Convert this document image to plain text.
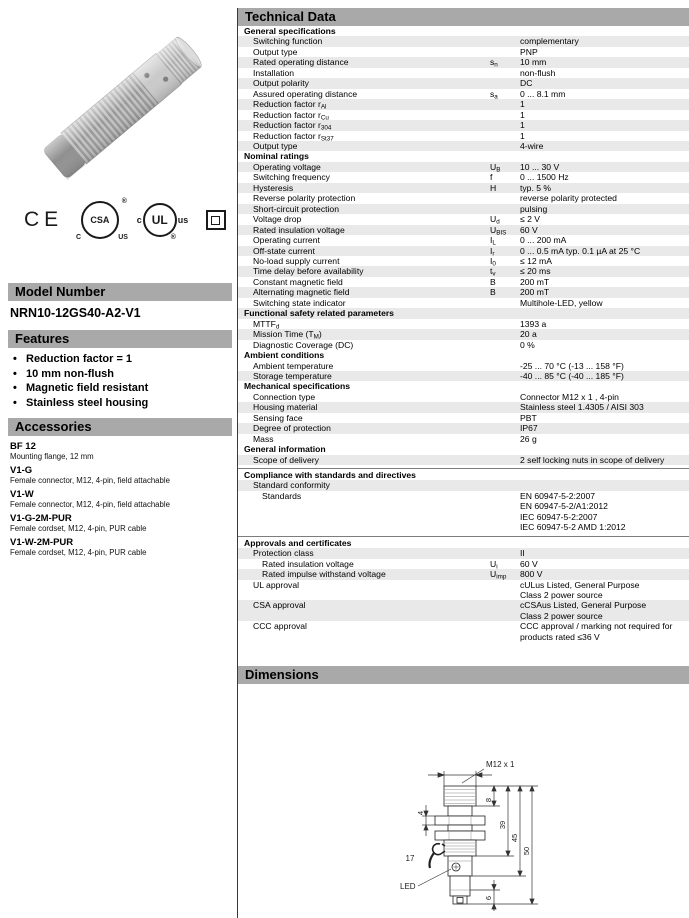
CE	CSA
C	US
®
c UL us
®
Model Number
NRN10-12GS40-A2-V1
Features
• Reduction factor = 1
• 10 mm non-flush
• Magnetic field resistant
• Stainless steel housing
Accessories
BF 12
Mounting flange, 12 mm
V1-G
Female connector, M12, 4-pin, field attachable
V1-W
Female connector, M12, 4-pin, field attachable
V1-G-2M-PUR
Female cordset, M12, 4-pin, PUR cable
V1-W-2M-PUR
Female cordset, M12, 4-pin, PUR cable
Technical Data
General specifications
Switching function	complementary
Output type	PNP
Rated operating distance	$s_n$	10 mm
Installation	non-flush
Output polarity	DC
Assured operating distance	$s_a$	0 ... 8.1 mm
Reduction factor $r_{Al}$	1
Reduction factor $r_{Cu}$	1
Reduction factor $r_{304}$	1
Reduction factor $r_{St37}$	1
Output type	4-wire
Nominal ratings
Operating voltage	$U_B$	10 ... 30 V
Switching frequency	f	0 ... 1500 Hz
Hysteresis	H	typ. 5 %
Reverse polarity protection	reverse polarity protected
Short-circuit protection	pulsing
Voltage drop	$U_d$	≤ 2 V
Rated insulation voltage	$U_{BIS}$	60 V
Operating current	$I_L$	0 ... 200 mA
Off-state current	$I_r$	0 ... 0.5 mA typ. 0.1 µA at 25 °C
No-load supply current	$I_0$	≤ 12 mA
Time delay before availability	$t_v$	≤ 20 ms
Constant magnetic field	B	200 mT
Alternating magnetic field	B	200 mT
Switching state indicator	Multihole-LED, yellow
Functional safety related parameters
$MTTF_d$	1393 a
Mission Time $(T_M)$	20 a
Diagnostic Coverage (DC)	0 %
Ambient conditions
Ambient temperature	-25 ... 70 °C (-13 ... 158 °F)
Storage temperature	-40 ... 85 °C (-40 ... 185 °F)
Mechanical specifications
Connection type	Connector M12 x 1 , 4-pin
Housing material	Stainless steel 1.4305 / AISI 303
Sensing face	PBT
Degree of protection	IP67
Mass	26 g
General information
Scope of delivery	2 self locking nuts in scope of delivery
Compliance with standards and directives
Standard conformity
Standards	EN 60947-5-2:2007
EN 60947-5-2/A1:2012
IEC 60947-5-2:2007
IEC 60947-5-2 AMD 1:2012
Approvals and certificates
Protection class	II
Rated insulation voltage	$U_i$	60 V
Rated impulse withstand voltage	$U_{imp}$	800 V
UL approval	cULus Listed, General Purpose
Class 2 power source
CSA approval	cCSAus Listed, General Purpose
Class 2 power source
CCC approval	CCC approval / marking not required for products rated ≤36 V
Dimensions
M12 x 1
8
39
45
50
6
4
17
LED
